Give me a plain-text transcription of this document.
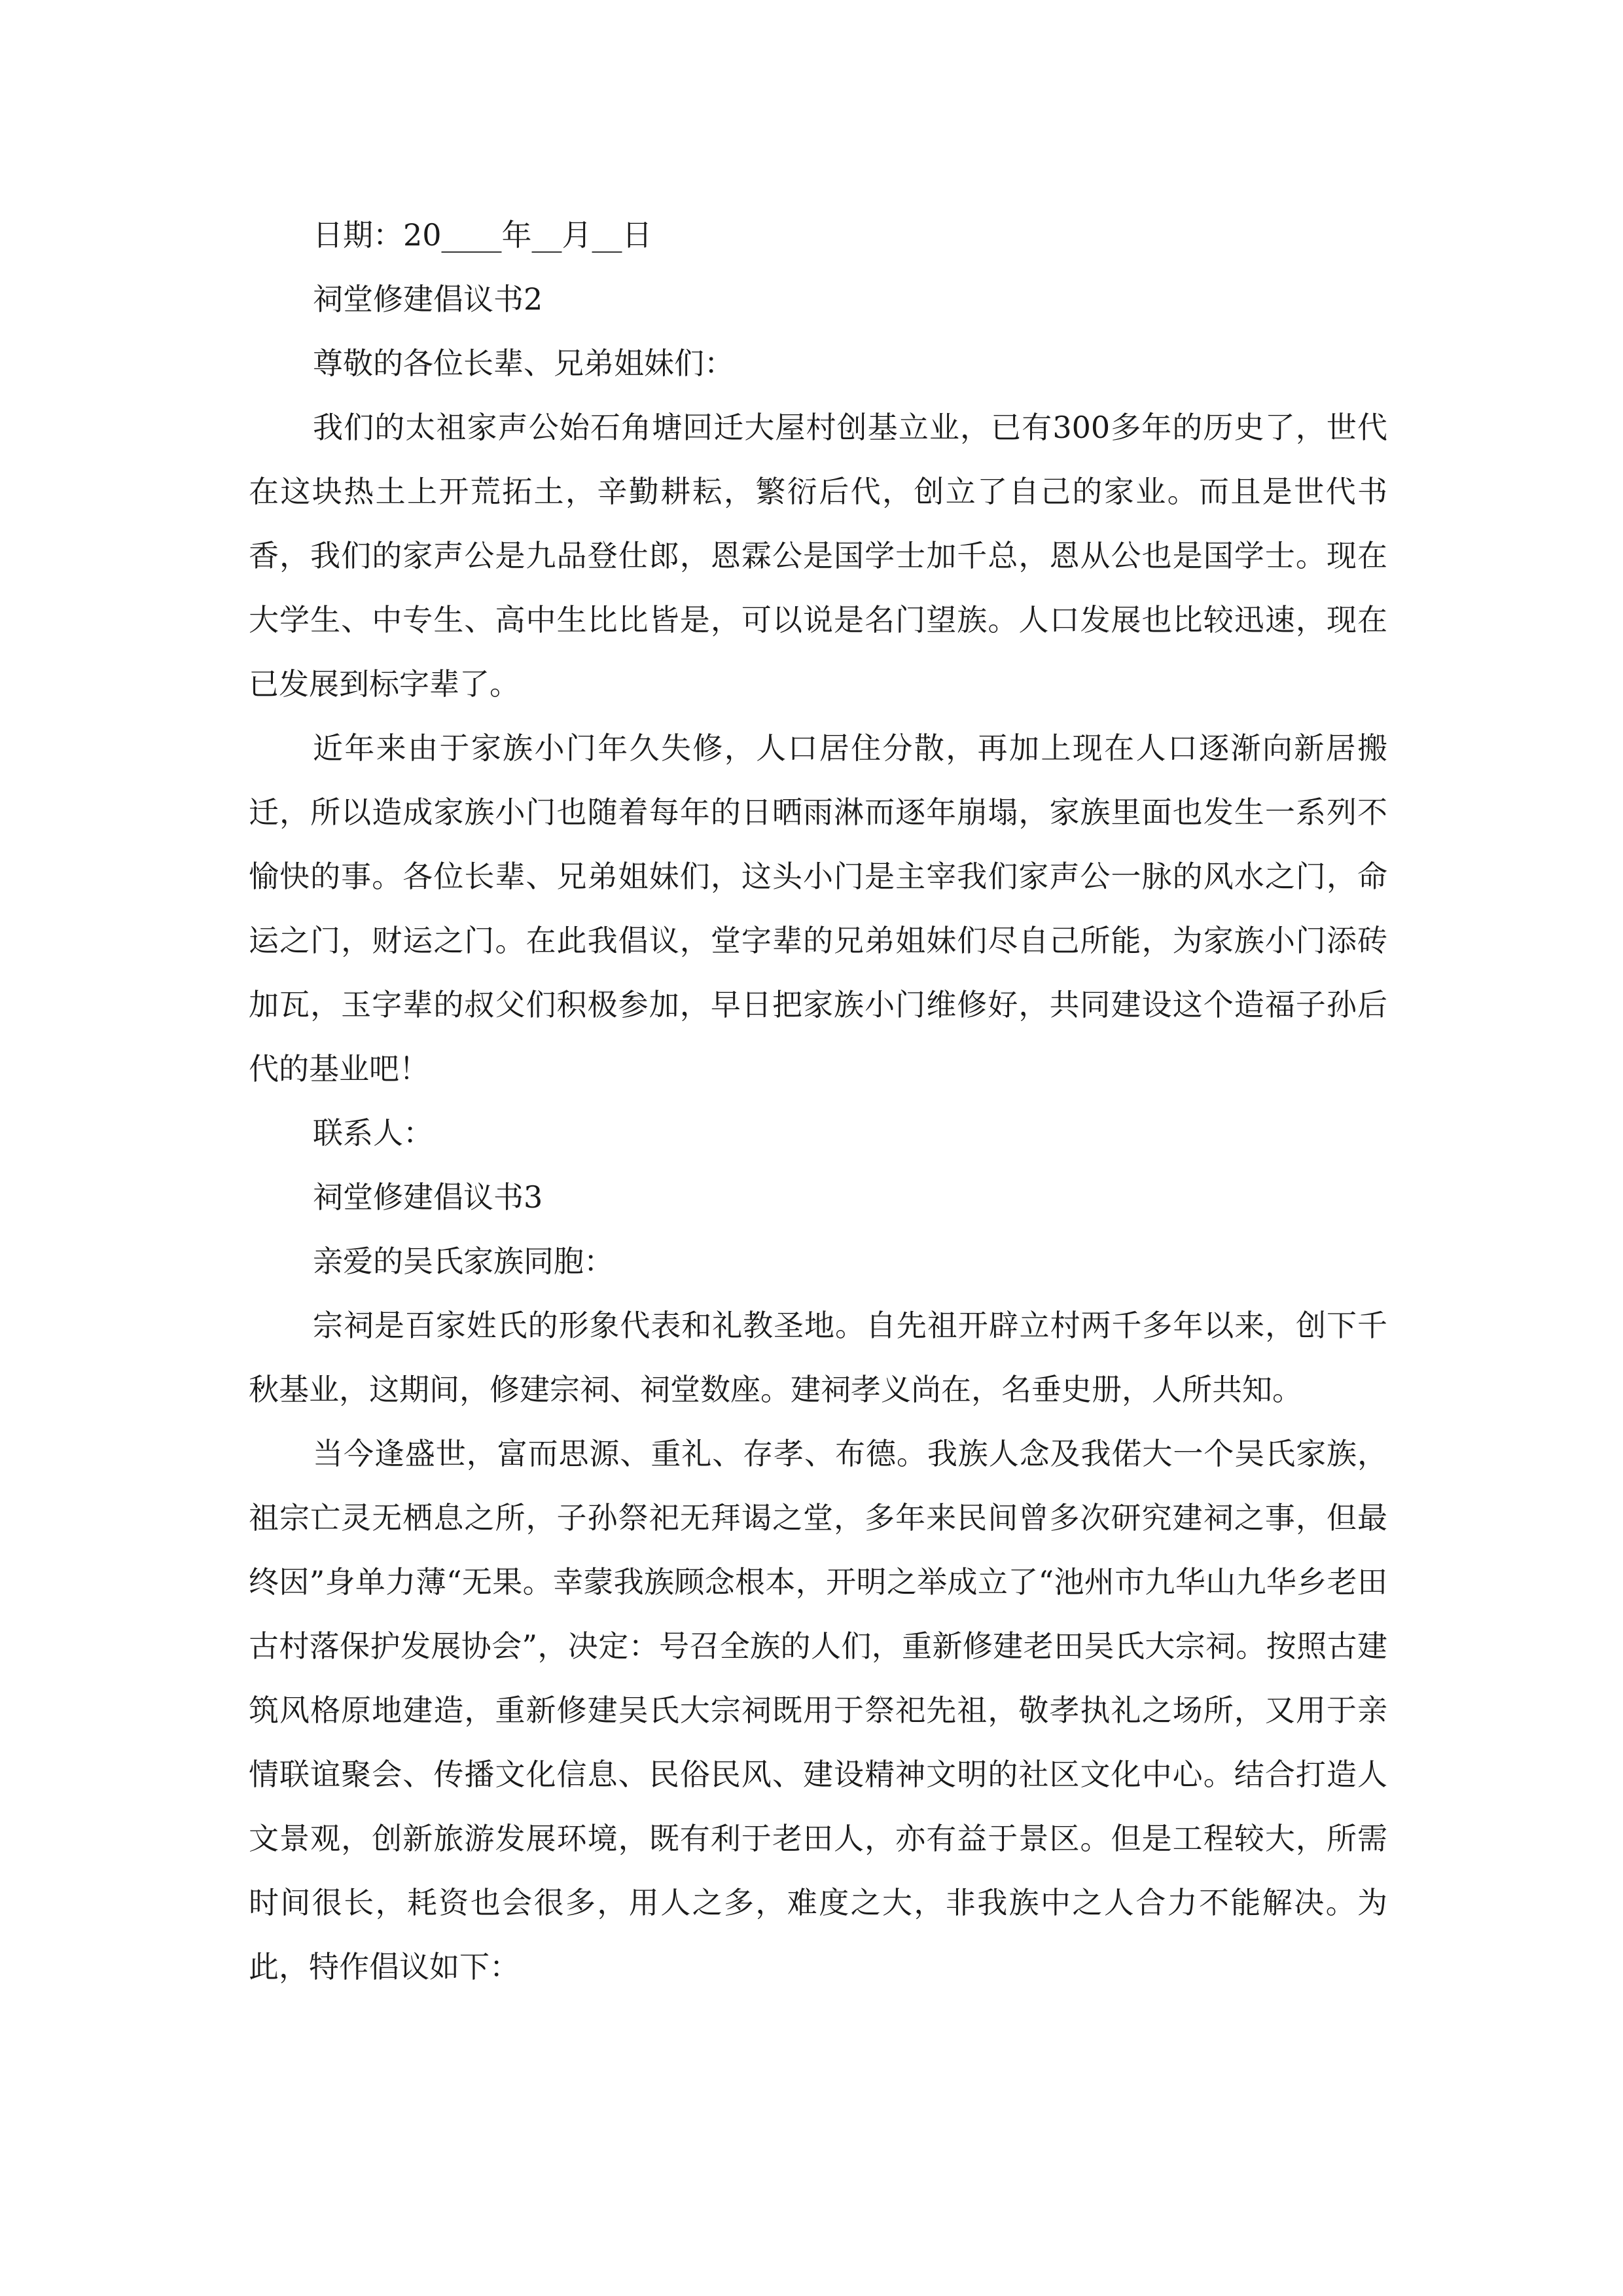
日期：20____年__月__日

祠堂修建倡议书2

尊敬的各位长辈、兄弟姐妹们：

我们的太祖家声公始石角塘回迁大屋村创基立业，已有300多年的历史了，世代在这块热土上开荒拓土，辛勤耕耘，繁衍后代，创立了自己的家业。而且是世代书香，我们的家声公是九品登仕郎，恩霖公是国学士加千总，恩从公也是国学士。现在大学生、中专生、高中生比比皆是，可以说是名门望族。人口发展也比较迅速，现在已发展到标字辈了。

近年来由于家族小门年久失修，人口居住分散，再加上现在人口逐渐向新居搬迁，所以造成家族小门也随着每年的日晒雨淋而逐年崩塌，家族里面也发生一系列不愉快的事。各位长辈、兄弟姐妹们，这头小门是主宰我们家声公一脉的风水之门，命运之门，财运之门。在此我倡议，堂字辈的兄弟姐妹们尽自己所能，为家族小门添砖加瓦，玉字辈的叔父们积极参加，早日把家族小门维修好，共同建设这个造福子孙后代的基业吧！

联系人：

祠堂修建倡议书3

亲爱的吴氏家族同胞：

宗祠是百家姓氏的形象代表和礼教圣地。自先祖开辟立村两千多年以来，创下千秋基业，这期间，修建宗祠、祠堂数座。建祠孝义尚在，名垂史册，人所共知。

当今逢盛世，富而思源、重礼、存孝、布德。我族人念及我偌大一个吴氏家族，祖宗亡灵无栖息之所，子孙祭祀无拜谒之堂，多年来民间曾多次研究建祠之事，但最终因”身单力薄“无果。幸蒙我族顾念根本，开明之举成立了“池州市九华山九华乡老田古村落保护发展协会”，决定：号召全族的人们，重新修建老田吴氏大宗祠。按照古建筑风格原地建造，重新修建吴氏大宗祠既用于祭祀先祖，敬孝执礼之场所，又用于亲情联谊聚会、传播文化信息、民俗民风、建设精神文明的社区文化中心。结合打造人文景观，创新旅游发展环境，既有利于老田人，亦有益于景区。但是工程较大，所需时间很长，耗资也会很多，用人之多，难度之大，非我族中之人合力不能解决。为此，特作倡议如下：
